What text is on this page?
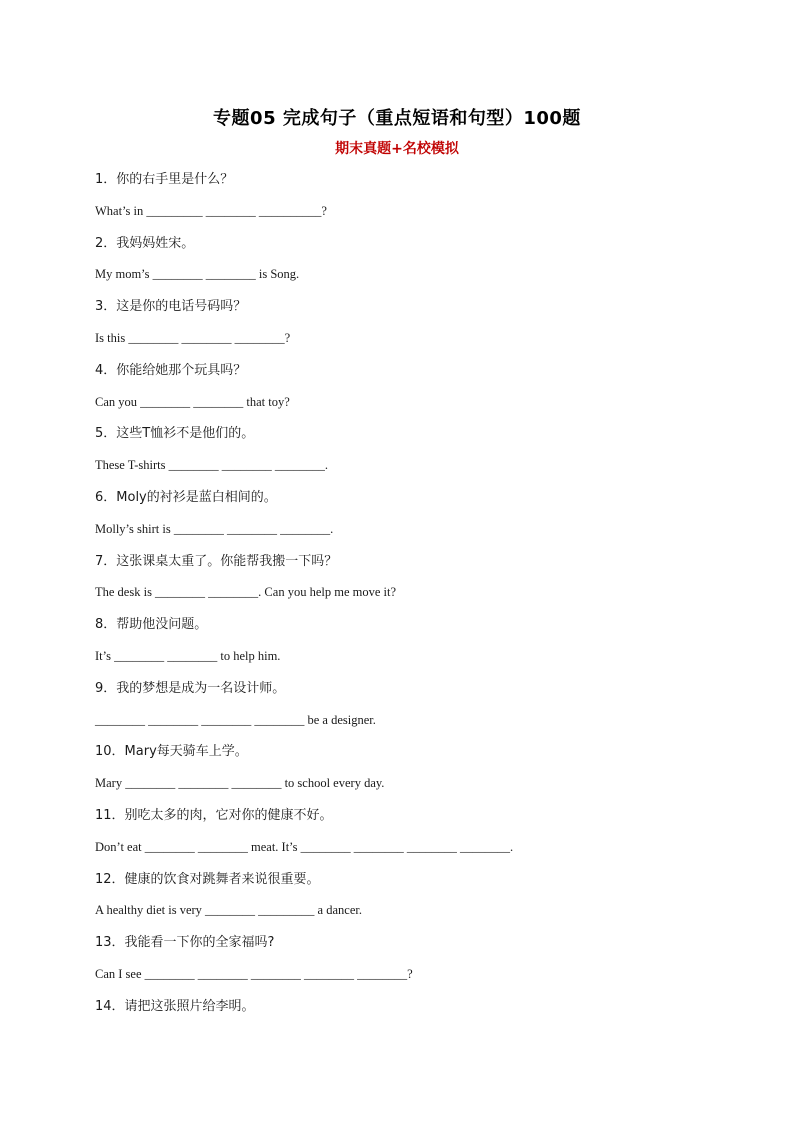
专题05 完成句子（重点短语和句型）100题
期末真题+名校模拟
1．你的右手里是什么？
What’s in _________ ________ __________?
2．我妈妈姓宋。
My mom’s ________ ________ is Song.
3．这是你的电话号码吗？
Is this ________ ________ ________?
4．你能给她那个玩具吗？
Can you ________ ________ that toy?
5．这些T恤衫不是他们的。
These T-shirts ________ ________ ________.
6．Moly的衬衫是蓝白相间的。
Molly’s shirt is ________ ________ ________.
7．这张课桌太重了。你能帮我搬一下吗？
The desk is ________ ________. Can you help me move it?
8．帮助他没问题。
It’s ________ ________ to help him.
9．我的梦想是成为一名设计师。
________ ________ ________ ________ be a designer.
10．Mary每天骑车上学。
Mary ________ ________ ________ to school every day.
11．别吃太多的肉，它对你的健康不好。
Don’t eat ________ ________ meat. It’s ________ ________ ________ ________.
12．健康的饮食对跳舞者来说很重要。
A healthy diet is very ________ _________ a dancer.
13．我能看一下你的全家福吗?
Can I see ________ ________ ________ ________ ________?
14．请把这张照片给李明。
